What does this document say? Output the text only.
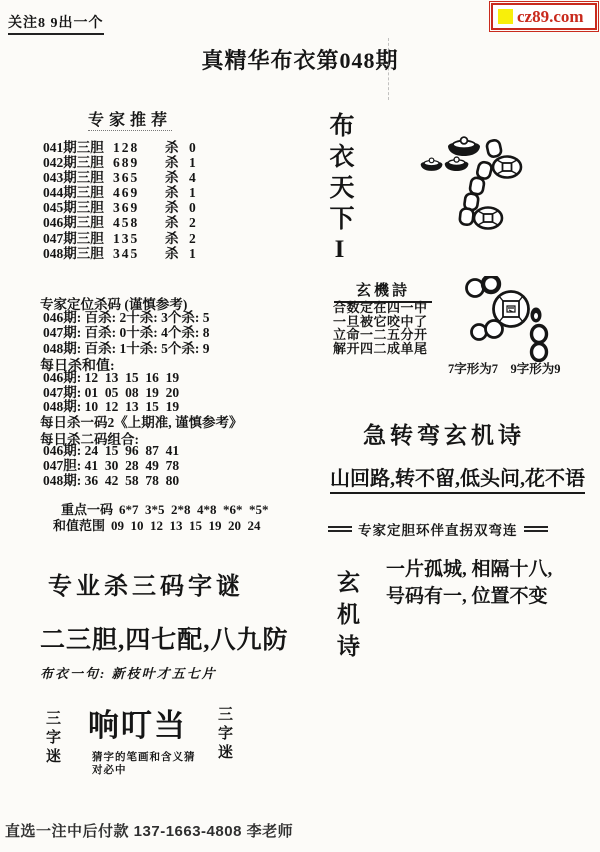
关注8 9出一个	cz89.com
真精华布衣第048期
专家推荐
041期三胆 128	杀 0
042期三胆 689	杀 1
043期三胆 365	杀 4
044期三胆 469	杀 1
045期三胆 369	杀 0
046期三胆 458	杀 2
047期三胆 135	杀 2
048期三胆 345	杀 1
专家定位杀码 (谨慎参考)
046期: 百杀: 2十杀: 3个杀: 5
047期: 百杀: 0十杀: 4个杀: 8
048期: 百杀: 1十杀: 5个杀: 9
每日杀和值:
046期: 12  13  15  16  19
047期: 01  05  08  19  20
048期: 10  12  13  15  19
每日杀一码2《上期准, 谨慎参考》
每日杀二码组合:
046期: 24  15  96  87  41
047胆: 41  30  28  49  78
048期: 36  42  58  78  80

重点一码 6*7  3*5  2*8  4*8  *6*  *5*

和值范围 09  10  12  13  15  19  20  24

专业杀三码字谜
二三胆,四七配,八九防
布衣一句: 新枝叶才五七片
三字迷 响叮当
猜字的笔画和含义猜
对必中
三字迷
布衣天下I
玄機詩
合数定在四一中
一旦被它咬中了
立命一二五分开
解开四二成单尾
7字形为7　9字形为9
急转弯玄机诗
山回路,转不留,低头问,花不语
专家定胆环伴直拐双弯连
玄机诗
一片孤城, 相隔十八,
号码有一, 位置不变
直选一注中后付款 137-1663-4808 李老师
